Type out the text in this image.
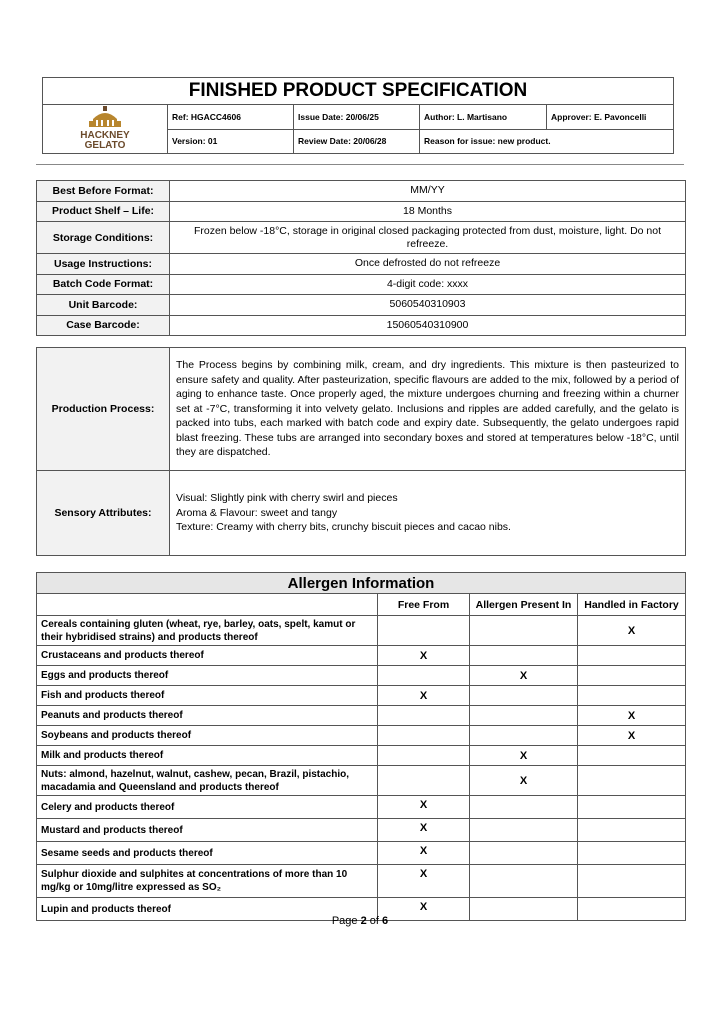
FINISHED PRODUCT SPECIFICATION				

HACKNEY
GELATO	Ref: HGACC4606	Issue Date: 20/06/25	Author: L. Martisano	Approver: E. Pavoncelli
	Version: 01	Review Date: 20/06/28	Reason for issue: new product.	
Best Before Format:	MM/YY
Product Shelf – Life:	18 Months
Storage Conditions:	Frozen below -18°C, storage in original closed packaging protected from dust, moisture, light. Do not refreeze.
Usage Instructions:	Once defrosted do not refreeze
Batch Code Format:	4-digit code: xxxx
Unit Barcode:	5060540310903
Case Barcode:	15060540310900
Production Process:	The Process begins by combining milk, cream, and dry ingredients. This mixture is then pasteurized to ensure safety and quality. After pasteurization, specific flavours are added to the mix, followed by a period of aging to enhance taste. Once properly aged, the mixture undergoes churning and freezing within a churner set at -7°C, transforming it into velvety gelato. Inclusions and ripples are added carefully, and the gelato is packed into tubs, each marked with batch code and expiry date. Subsequently, the gelato undergoes rapid blast freezing. These tubs are arranged into secondary boxes and stored at temperatures below -18°C, until they are dispatched.
Sensory Attributes:	Visual: Slightly pink with cherry swirl and pieces
Aroma & Flavour: sweet and tangy
Texture: Creamy with cherry bits, crunchy biscuit pieces and cacao nibs.
Allergen Information			
	Free From	Allergen Present In	Handled in Factory
Cereals containing gluten (wheat, rye, barley, oats, spelt, kamut or their hybridised strains) and products thereof			X
Crustaceans and products thereof	X		
Eggs and products thereof		X	
Fish and products thereof	X		
Peanuts and products thereof			X
Soybeans and products thereof			X
Milk and products thereof		X	
Nuts: almond, hazelnut, walnut, cashew, pecan, Brazil, pistachio, macadamia and Queensland and products thereof		X	
Celery and products thereof	X		
Mustard and products thereof	X		
Sesame seeds and products thereof	X		
Sulphur dioxide and sulphites at concentrations of more than 10 mg/kg or 10mg/litre expressed as SO₂	X		
Lupin and products thereof	X		
Page 2 of 6
